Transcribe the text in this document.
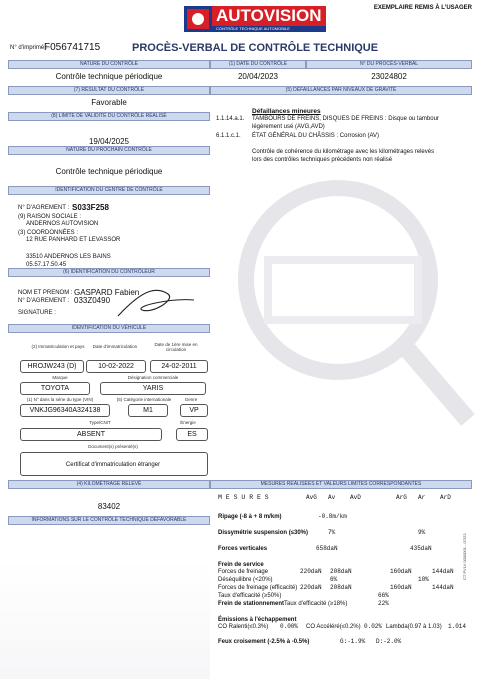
AUTOVISION
CONTRÔLE TECHNIQUE AUTOMOBILE
EXEMPLAIRE REMIS À L'USAGER
N° d'imprimé :
F056741715	PROCÈS-VERBAL DE CONTRÔLE TECHNIQUE
NATURE DU CONTRÔLE
Contrôle technique périodique
(1) DATE DU CONTRÔLE
20/04/2023
N° DU PROCÈS-VERBAL
23024802
(7) RÉSULTAT DU CONTRÔLE
Favorable
(8) LIMITE DE VALIDITÉ DU CONTRÔLE RÉALISÉ
19/04/2025
NATURE DU PROCHAIN CONTRÔLE
Contrôle technique périodique
IDENTIFICATION DU CENTRE DE CONTRÔLE
N° D'AGREMENT : S033F258
(9) RAISON SOCIALE :
ANDERNOS AUTOVISION
(3) COORDONNÉES :
12 RUE PANHARD ET LEVASSOR
33510 ANDERNOS LES BAINS
05.57.17.50.45
(6) IDENTIFICATION DU CONTRÔLEUR
NOM ET PRENOM : GASPARD Fabien
N° D'AGREMENT : 033Z0490
SIGNATURE :
IDENTIFICATION DU VÉHICULE
(2) Immatriculation et pays
HROJW243 (D)
Date d'immatriculation
10-02-2022
Date de 1ère mise en circulation
24-02-2011
Marque
TOYOTA
Désignation commerciale
YARIS
(1) N° dans la série du type (VIN)
VNKJG96340A324138
(5) Catégorie internationale
M1
Genre
VP
Type/CNIT
ABSENT
Énergie
ES
Document(s) présenté(s)
Certificat d'immatriculation étranger
(4) KILOMÉTRAGE RELEVÉ
83402
INFORMATIONS SUR LE CONTRÔLE TECHNIQUE DÉFAVORABLE
(5) DÉFAILLANCES PAR NIVEAUX DE GRAVITÉ
Défaillances mineures
1.1.14.a.1. TAMBOURS DE FREINS, DISQUES DE FREINS : Disque ou tambour légèrement usé (AVG,AVD)
6.1.1.c.1. ÉTAT GÉNÉRAL DU CHÂSSIS : Corrosion (AV)
Contrôle de cohérence du kilométrage avec les kilométrages relevés lors des contrôles techniques précédents non réalisé
MESURES REALISEES ET VALEURS LIMITES CORRESPONDANTES
M E S U R E S	AvG Av AvD	ArG Ar ArD
Ripage (-8 à + 8 m/km)	-0.8m/km
Dissymétrie suspension (≤30%)	7%	9%
Forces verticales	658daN	435daN
Frein de service
Forces de freinage	220daN 208daN	160daN	144daN
Déséquilibre (<20%)	6%	10%
Forces de freinage (efficacité) 220daN 208daN	160daN	144daN
Taux d'efficacité (≥50%)	66%
Frein de stationnement Taux d'efficacité (≥18%)	22%
Émissions à l'échappement
CO Ralenti(≤0.3%) 0.00% CO Accéléré(≤0.2%) 0.02% Lambda(0.97 à 1.03) 1.014
Feux croisement (-2.5% à -0.5%)	G:-1.9% D:-2.0%
CT PVLV 0000001 - 07/22
